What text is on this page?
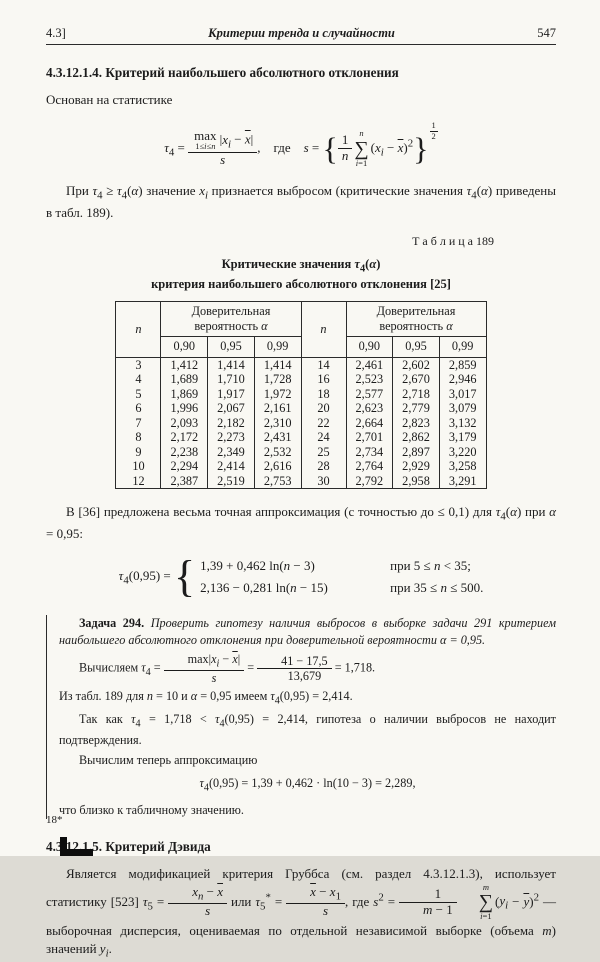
4.3]	Критерии тренда и случайности	547
4.3.12.1.4. Критерий наибольшего абсолютного отклонения

Основан на статистике

$\tau_4 = \max$
1≤i≤n  $|x_i - \overline{x}|$
s , где s = { $\frac{1}{n}$
n
∑
i=1
$(x_i - \overline{x})^2\} \frac{1}{2}$

При $\tau_4 \ge \tau_4(\alpha)$ значение $x_i$ признается выбросом (критические значения $\tau_4(\alpha)$ приведены в табл. 189).

Т а б л и ц а 189
Критические значения $\tau_4(\alpha)$
критерия наибольшего абсолютного отклонения [25]
n	Доверительная
вероятность α			n	Доверительная
вероятность α		
	0,90	0,95	0,99		0,90	0,95	0,99
3	1,412	1,414	1,414	14	2,461	2,602	2,859
4	1,689	1,710	1,728	16	2,523	2,670	2,946
5	1,869	1,917	1,972	18	2,577	2,718	3,017
6	1,996	2,067	2,161	20	2,623	2,779	3,079
7	2,093	2,182	2,310	22	2,664	2,823	3,132
8	2,172	2,273	2,431	24	2,701	2,862	3,179
9	2,238	2,349	2,532	25	2,734	2,897	3,220
10	2,294	2,414	2,616	28	2,764	2,929	3,258
12	2,387	2,519	2,753	30	2,792	2,958	3,291

В [36] предложена весьма точная аппроксимация (с точностью до ≤ 0,1) для $\tau_4(\alpha)$ при α = 0,95:

$\tau_4(0,95)$ = { 1,39 + 0,462 ln(n − 3)	при 5 ≤ n < 35;
2,136 − 0,281 ln(n − 15)	при 35 ≤ n ≤ 500.

Задача 294. Проверить гипотезу наличия выбросов в выборке задачи 291 критерием наибольшего абсолютного отклонения при доверительной вероятности α = 0,95.

Вычисляем $\tau_4 = \frac{\max|x_i - \overline{x}|}{s} = \frac{41 - 17,5}{13,679} = 1,718$.

Из табл. 189 для n = 10 и α = 0,95 имеем $\tau_4(0,95) = 2,414$.

Так как $\tau_4 = 1,718 < \tau_4(0,95) = 2,414$, гипотеза о наличии выбросов не находит подтверждения.

Вычислим теперь аппроксимацию

$\tau_4(0,95) = 1,39 + 0,462 \cdot \ln(10 - 3) = 2,289$,

что близко к табличному значению.

4.3.12.1.5. Критерий Дэвида

Является модификацией критерия Груббса (см. раздел 4.3.12.1.3), использует статистику [523] $\tau_5 = \frac{x_n - \overline{x}}{s}$ или $\tau_5^* = \frac{\overline{x} - x_1}{s}$ , где $s^2 = \frac{1}{m - 1}$
m
∑
i=1
$(y_i - \overline{y})^2$ — выборочная дисперсия, оцениваемая по отдельной независимой выборке (объема m) значений $y_i$.

18*
